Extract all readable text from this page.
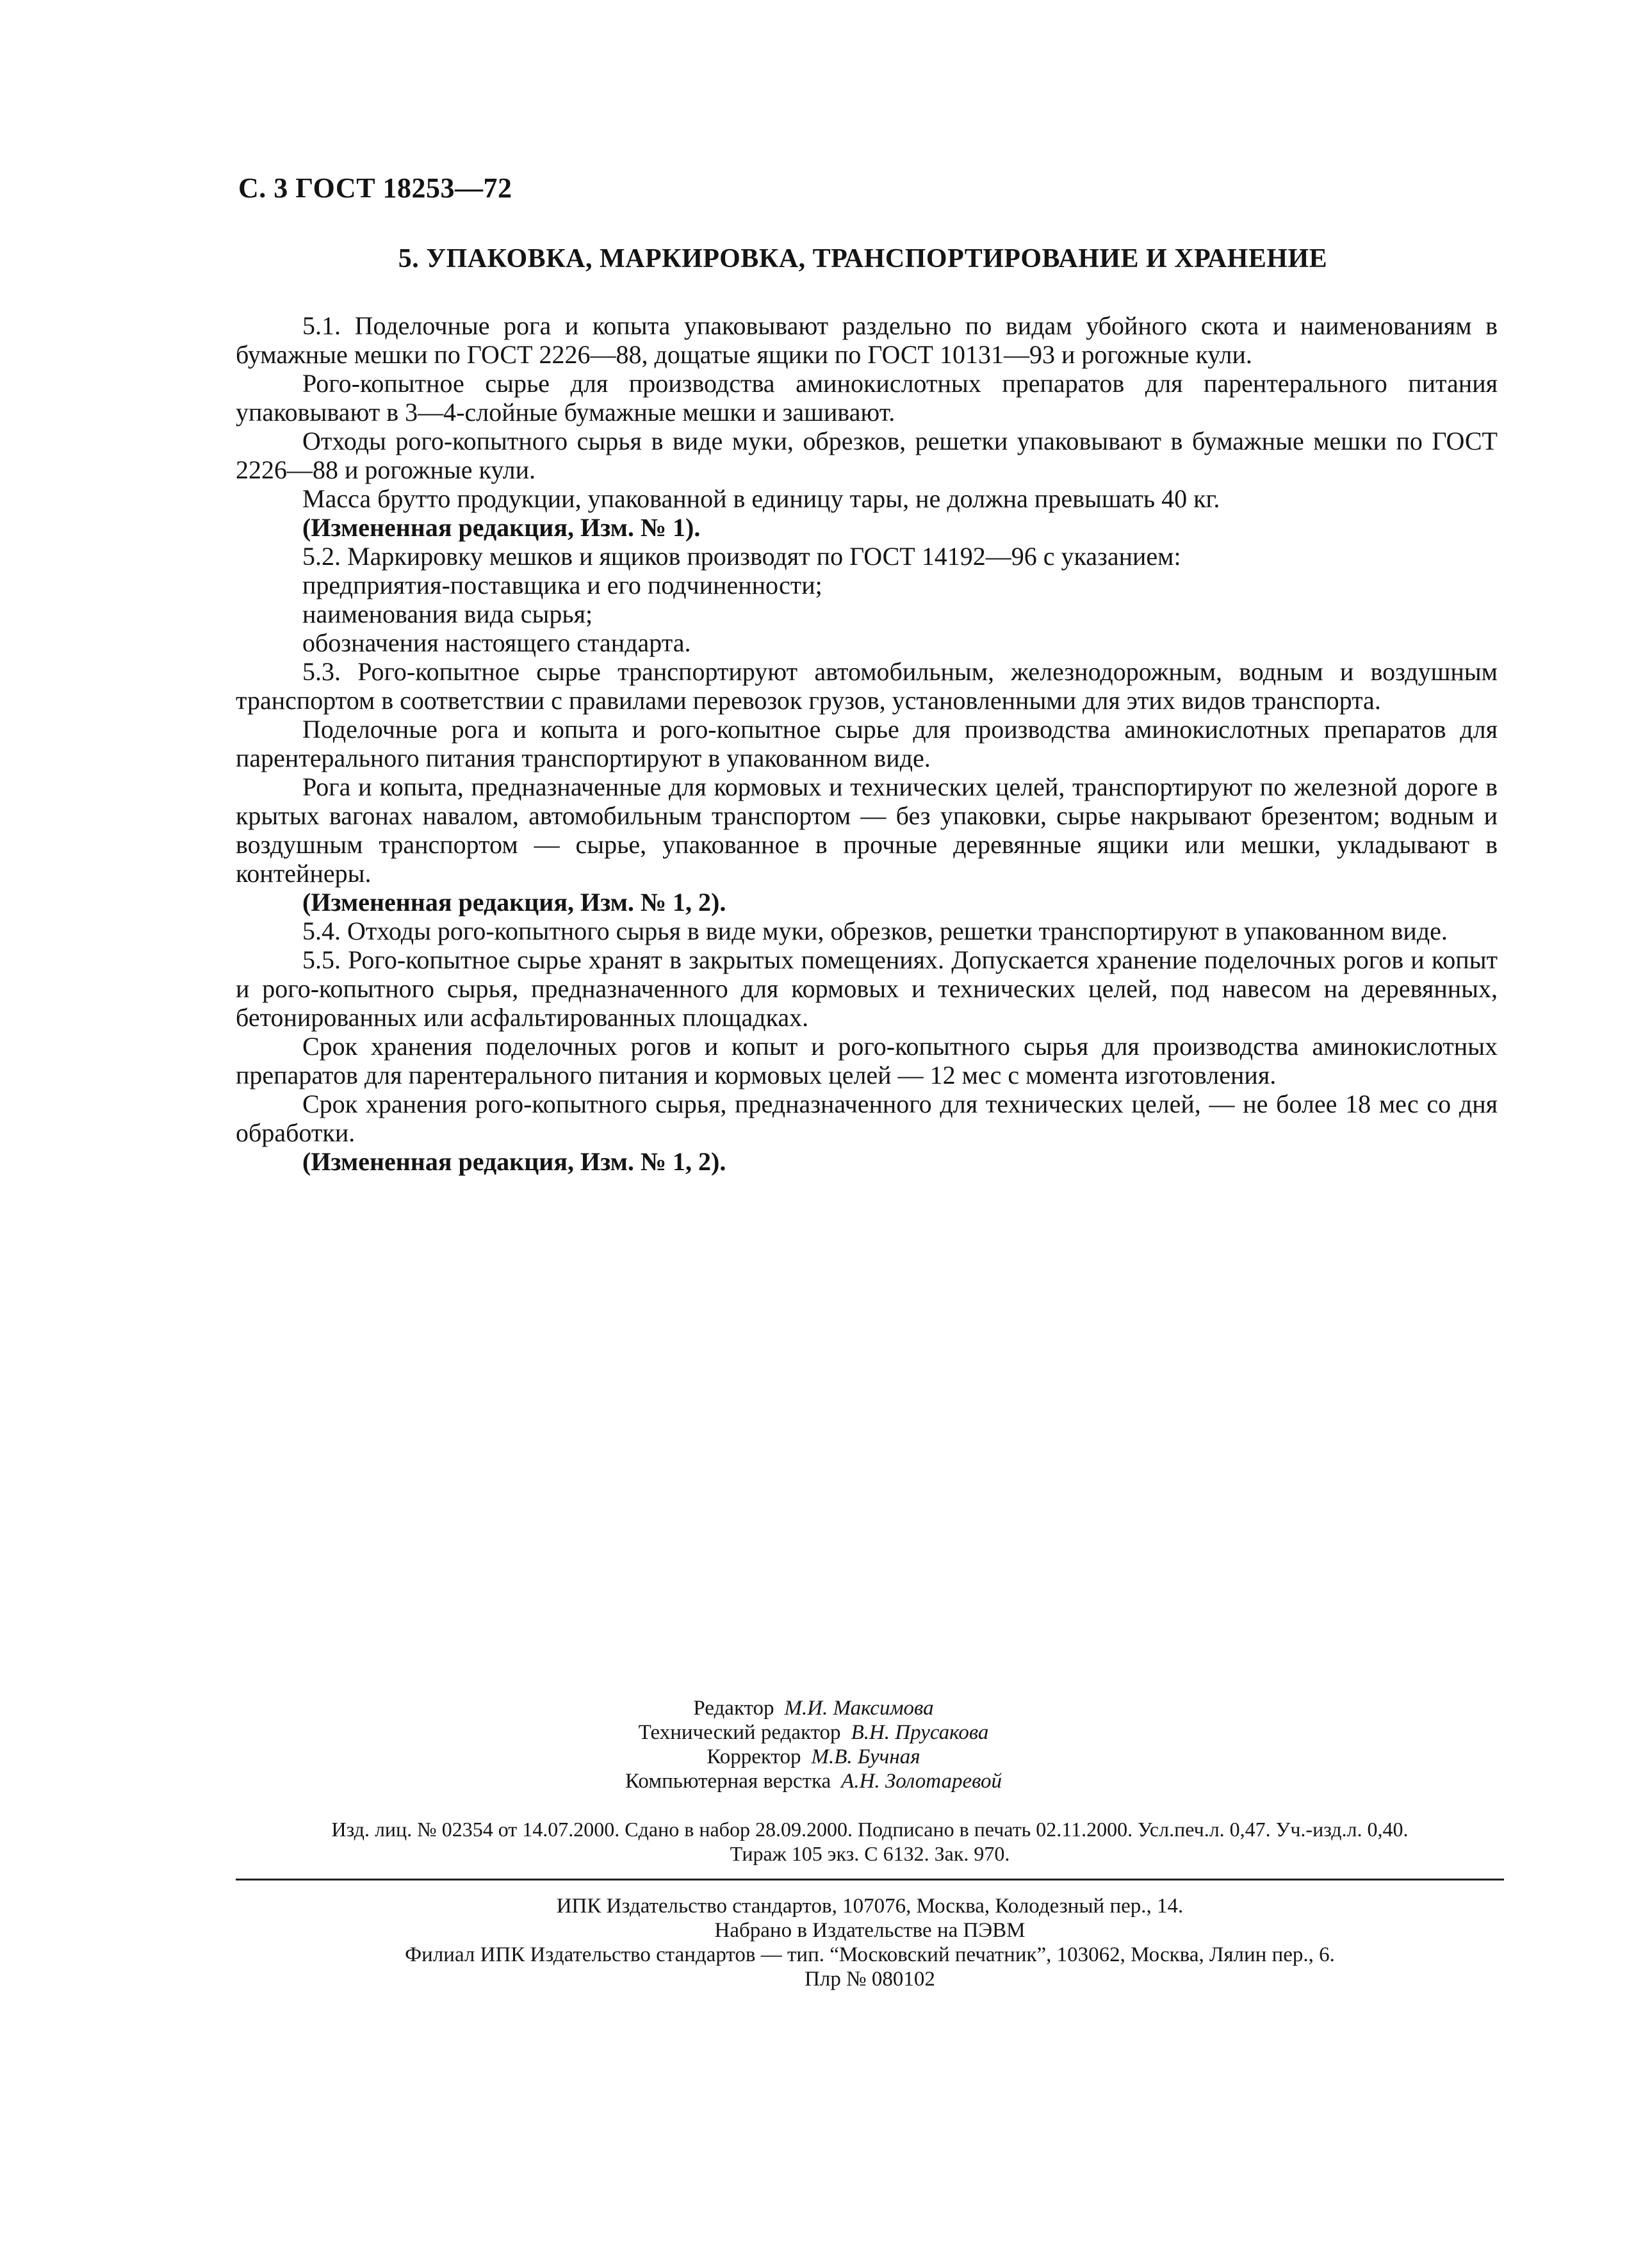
С. 3 ГОСТ 18253—72
5. УПАКОВКА, МАРКИРОВКА, ТРАНСПОРТИРОВАНИЕ И ХРАНЕНИЕ

5.1. Поделочные рога и копыта упаковывают раздельно по видам убойного скота и наименованиям в бумажные мешки по ГОСТ 2226—88, дощатые ящики по ГОСТ 10131—93 и рогожные кули.

Рого-копытное сырье для производства аминокислотных препаратов для парентерального питания упаковывают в 3—4-слойные бумажные мешки и зашивают.

Отходы рого-копытного сырья в виде муки, обрезков, решетки упаковывают в бумажные мешки по ГОСТ 2226—88 и рогожные кули.

Масса брутто продукции, упакованной в единицу тары, не должна превышать 40 кг.

(Измененная редакция, Изм. № 1).

5.2. Маркировку мешков и ящиков производят по ГОСТ 14192—96 с указанием:

предприятия-поставщика и его подчиненности;

наименования вида сырья;

обозначения настоящего стандарта.

5.3. Рого-копытное сырье транспортируют автомобильным, железнодорожным, водным и воздушным транспортом в соответствии с правилами перевозок грузов, установленными для этих видов транспорта.

Поделочные рога и копыта и рого-копытное сырье для производства аминокислотных препаратов для парентерального питания транспортируют в упакованном виде.

Рога и копыта, предназначенные для кормовых и технических целей, транспортируют по железной дороге в крытых вагонах навалом, автомобильным транспортом — без упаковки, сырье накрывают брезентом; водным и воздушным транспортом — сырье, упакованное в прочные деревянные ящики или мешки, укладывают в контейнеры.

(Измененная редакция, Изм. № 1, 2).

5.4. Отходы рого-копытного сырья в виде муки, обрезков, решетки транспортируют в упакованном виде.

5.5. Рого-копытное сырье хранят в закрытых помещениях. Допускается хранение поделочных рогов и копыт и рого-копытного сырья, предназначенного для кормовых и технических целей, под навесом на деревянных, бетонированных или асфальтированных площадках.

Срок хранения поделочных рогов и копыт и рого-копытного сырья для производства аминокислотных препаратов для парентерального питания и кормовых целей — 12 мес с момента изготовления.

Срок хранения рого-копытного сырья, предназначенного для технических целей, — не более 18 мес со дня обработки.

(Измененная редакция, Изм. № 1, 2).

Редактор М.И. Максимова
Технический редактор В.Н. Прусакова
Корректор М.В. Бучная
Компьютерная верстка А.Н. Золотаревой
Изд. лиц. № 02354 от 14.07.2000. Сдано в набор 28.09.2000. Подписано в печать 02.11.2000. Усл.печ.л. 0,47. Уч.-изд.л. 0,40.
Тираж 105 экз. С 6132. Зак. 970.
ИПК Издательство стандартов, 107076, Москва, Колодезный пер., 14.
Набрано в Издательстве на ПЭВМ
Филиал ИПК Издательство стандартов — тип. “Московский печатник”, 103062, Москва, Лялин пер., 6.
Плр № 080102
